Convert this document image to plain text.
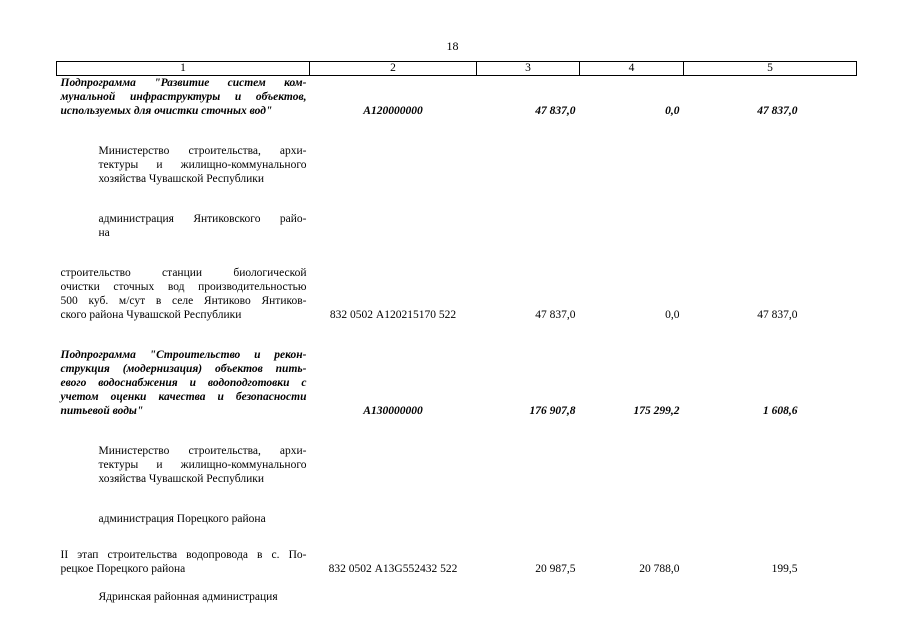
18
1	2	3	4	5

Подпрограмма "Развитие систем ком-
мунальной инфраструктуры и объектов,
используемых для очистки сточных вод"	А120000000	47 837,0	0,0	47 837,0

Министерство строительства, архи-
тектуры и жилищно-коммунального
хозяйства Чувашской Республики				

администрация Янтиковского райо-
на				

строительство станции биологической
очистки сточных вод производительностью
500 куб. м/сут в селе Янтиково Янтиков-
ского района Чувашской Республики	832 0502 А120215170 522	47 837,0	0,0	47 837,0

Подпрограмма "Строительство и рекон-
струкция (модернизация) объектов пить-
евого водоснабжения и водоподготовки с
учетом оценки качества и безопасности
питьевой воды"	А130000000	176 907,8	175 299,2	1 608,6

Министерство строительства, архи-
тектуры и жилищно-коммунального
хозяйства Чувашской Республики				

администрация Порецкого района				

II этап строительства водопровода в с. По-
рецкое Порецкого района	832 0502 А13G552432 522	20 987,5	20 788,0	199,5

Ядринская районная администрация				
